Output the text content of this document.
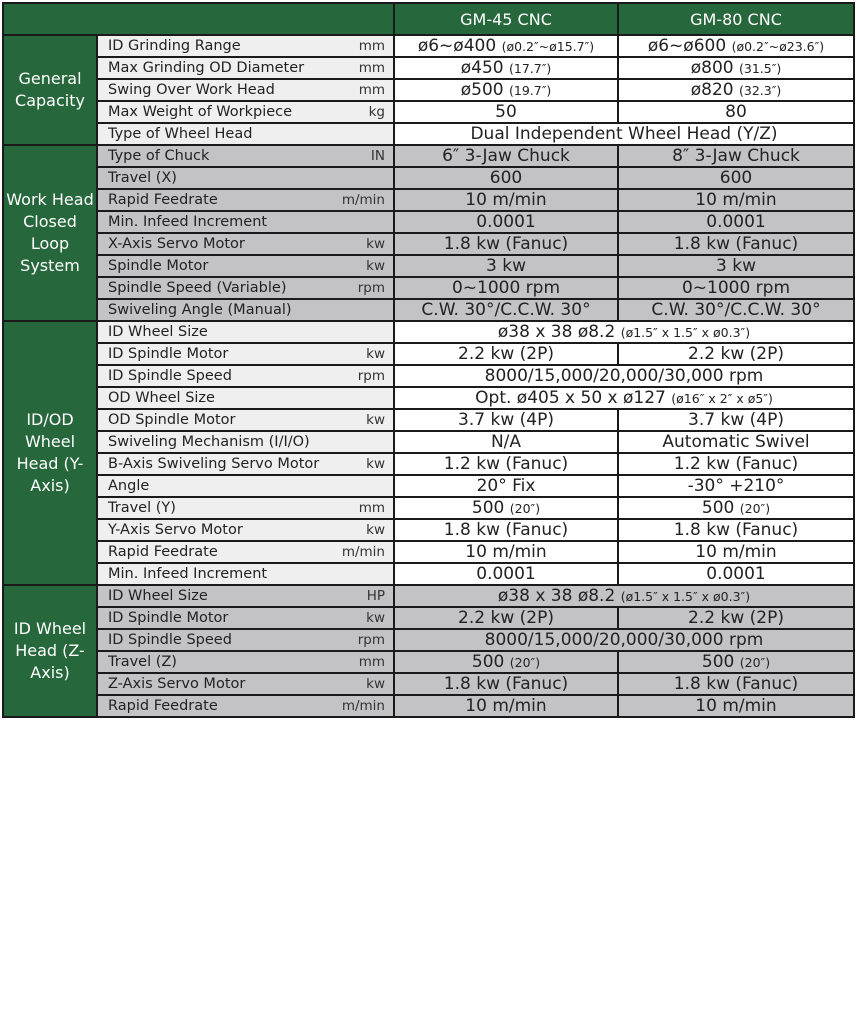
		GM-45 CNC	GM-80 CNC
General Capacity	ID Grinding Range mm	ø6~ø400 (ø0.2″~ø15.7″)	ø6~ø600 (ø0.2″~ø23.6″)

	Max Grinding OD Diameter mm	ø450 (17.7″)	ø800 (31.5″)

	Swing Over Work Head mm	ø500 (19.7″)	ø820 (32.3″)

	Max Weight of Workpiece kg	50	80

	Type of Wheel Head	Dual Independent Wheel Head (Y/Z)	
Work Head Closed Loop System	Type of Chuck IN	6″ 3-Jaw Chuck	8″ 3-Jaw Chuck

	Travel (X)	600	600

	Rapid Feedrate m/min	10 m/min	10 m/min

	Min. Infeed Increment	0.0001	0.0001

	X-Axis Servo Motor kw	1.8 kw (Fanuc)	1.8 kw (Fanuc)

	Spindle Motor kw	3 kw	3 kw

	Spindle Speed (Variable) rpm	0~1000 rpm	0~1000 rpm

	Swiveling Angle (Manual)	C.W. 30°/C.C.W. 30°	C.W. 30°/C.C.W. 30°
ID/OD Wheel Head (Y-Axis)	ID Wheel Size	ø38 x 38 ø8.2 (ø1.5″ x 1.5″ x ø0.3″)	

	ID Spindle Motor kw	2.2 kw (2P)	2.2 kw (2P)

	ID Spindle Speed rpm	8000/15,000/20,000/30,000 rpm	

	OD Wheel Size	Opt. ø405 x 50 x ø127 (ø16″ x 2″ x ø5″)	

	OD Spindle Motor kw	3.7 kw (4P)	3.7 kw (4P)

	Swiveling Mechanism (I/I/O)	N/A	Automatic Swivel

	B-Axis Swiveling Servo Motor kw	1.2 kw (Fanuc)	1.2 kw (Fanuc)

	Angle	20° Fix	-30° +210°

	Travel (Y) mm	500 (20″)	500 (20″)

	Y-Axis Servo Motor kw	1.8 kw (Fanuc)	1.8 kw (Fanuc)

	Rapid Feedrate m/min	10 m/min	10 m/min

	Min. Infeed Increment	0.0001	0.0001
ID Wheel Head (Z-Axis)	ID Wheel Size HP	ø38 x 38 ø8.2 (ø1.5″ x 1.5″ x ø0.3″)	

	ID Spindle Motor kw	2.2 kw (2P)	2.2 kw (2P)

	ID Spindle Speed rpm	8000/15,000/20,000/30,000 rpm	

	Travel (Z) mm	500 (20″)	500 (20″)

	Z-Axis Servo Motor kw	1.8 kw (Fanuc)	1.8 kw (Fanuc)

	Rapid Feedrate m/min	10 m/min	10 m/min
